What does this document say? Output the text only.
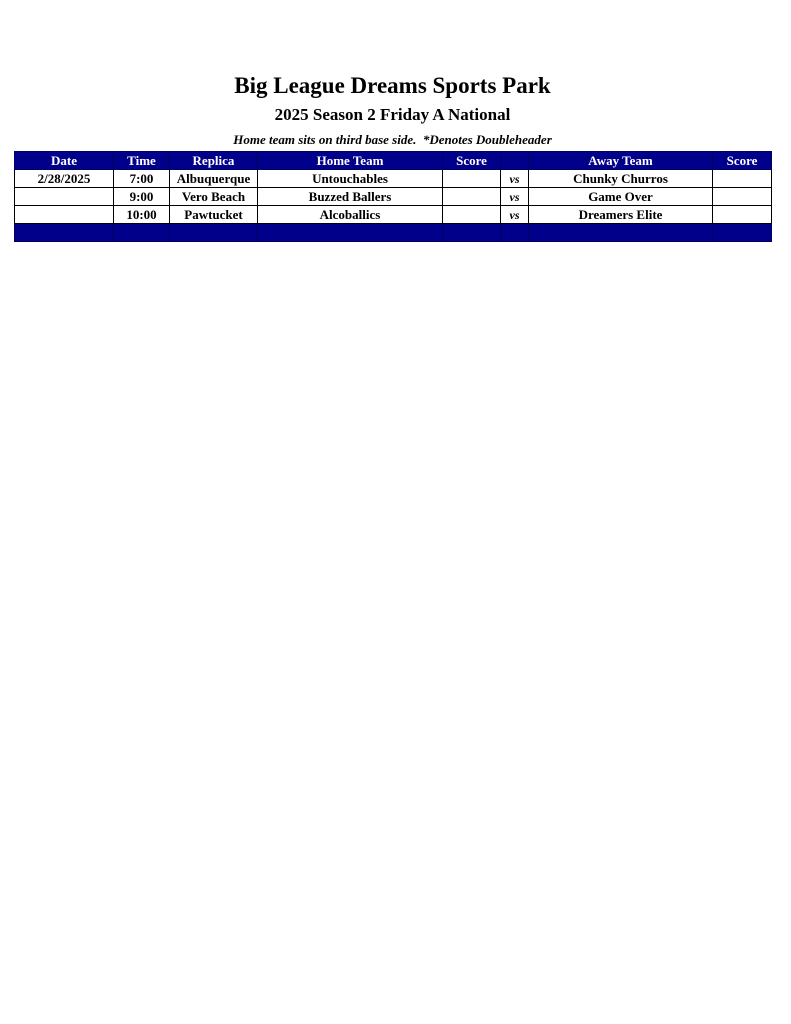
Big League Dreams Sports Park
2025 Season 2 Friday A National
Home team sits on third base side.  *Denotes Doubleheader
Date	Time	Replica	Home Team	Score		Away Team	Score
2/28/2025	7:00	Albuquerque	Untouchables		vs	Chunky Churros	
	9:00	Vero Beach	Buzzed Ballers		vs	Game Over	
	10:00	Pawtucket	Alcoballics		vs	Dreamers Elite	
